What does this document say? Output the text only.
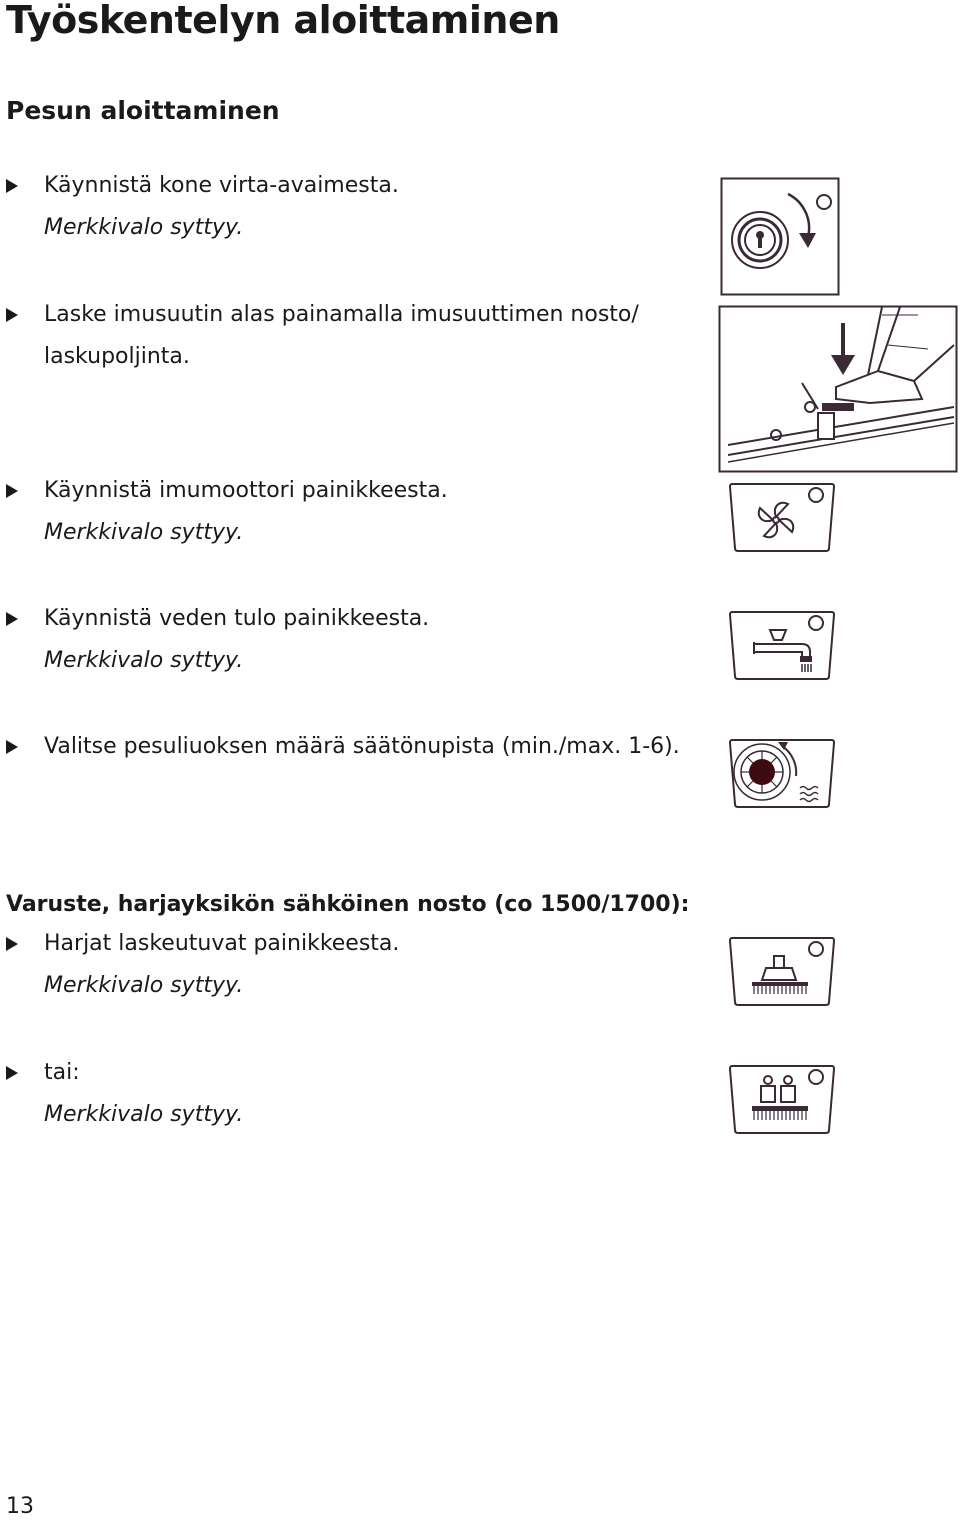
Työskentelyn aloittaminen
Pesun aloittaminen
Käynnistä kone virta-avaimesta.
Merkkivalo syttyy.
Laske imusuutin alas painamalla imusuuttimen nosto/ laskupoljinta.
Käynnistä imumoottori painikkeesta.
Merkkivalo syttyy.
Käynnistä veden tulo painikkeesta.
Merkkivalo syttyy.
Valitse pesuliuoksen määrä säätönupista (min./max. 1-6).
Varuste, harjayksikön sähköinen nosto (co 1500/1700):
Harjat laskeutuvat painikkeesta.
Merkkivalo syttyy.
tai:
Merkkivalo syttyy.
13
